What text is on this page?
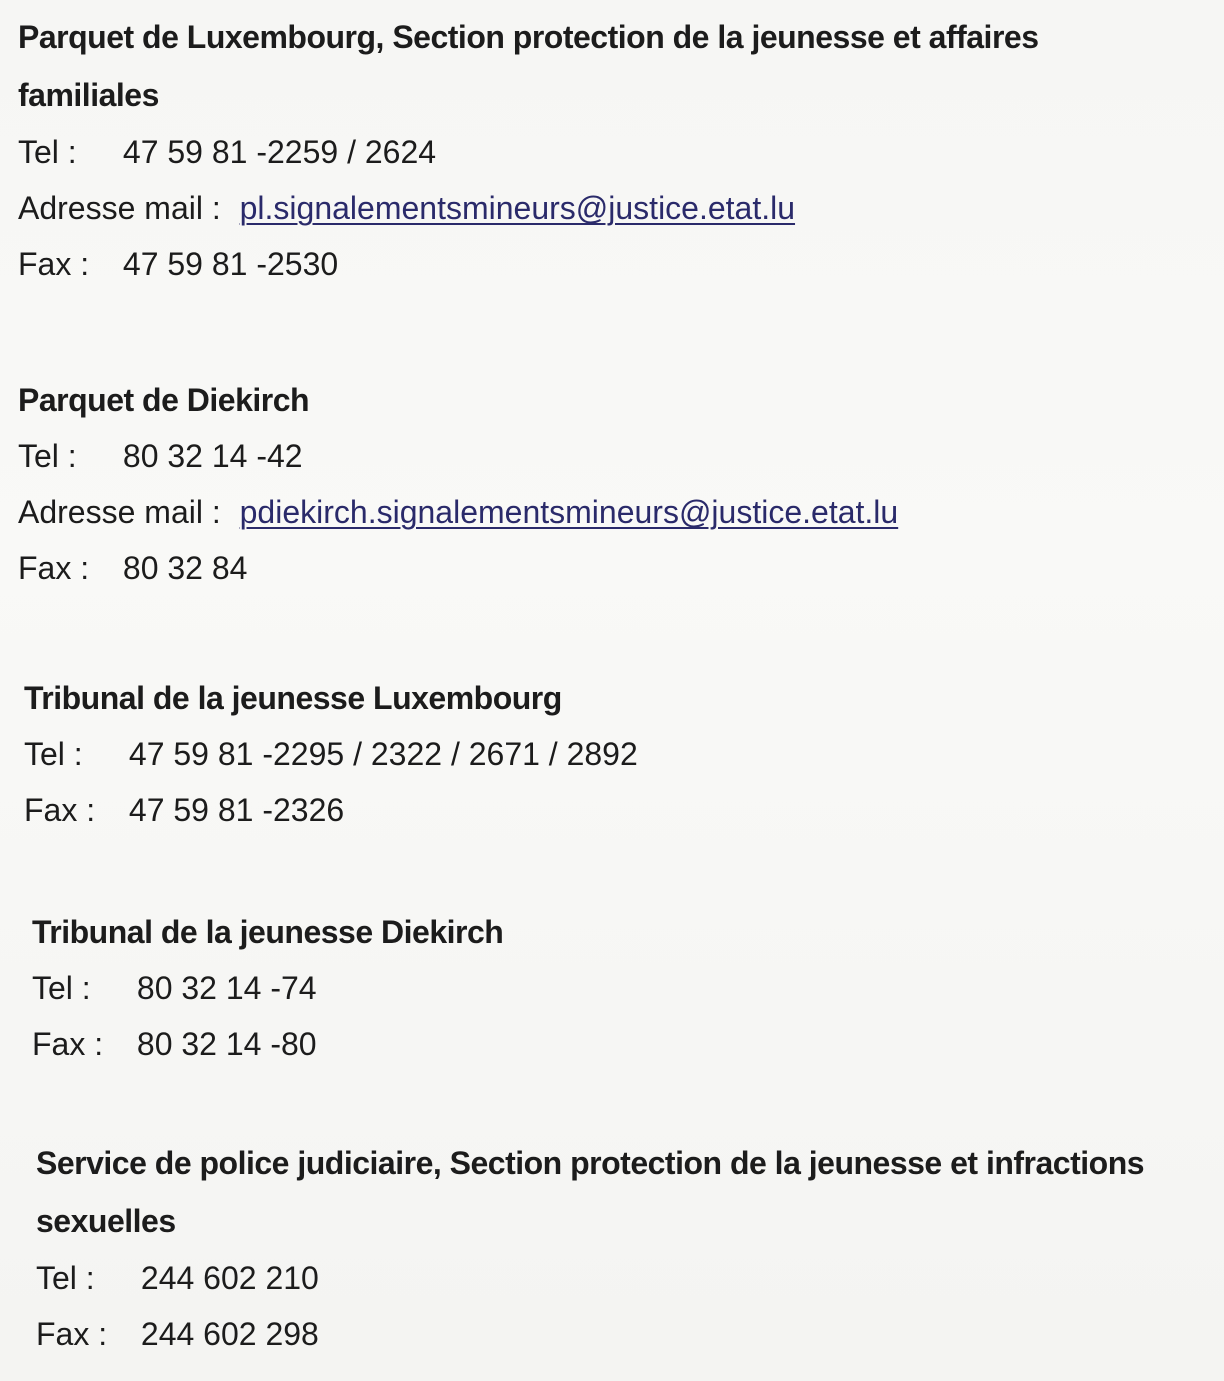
Parquet de Luxembourg, Section protection de la jeunesse et affaires familiales
Tel : 47 59 81 -2259 / 2624
Adresse mail : pl.signalementsmineurs@justice.etat.lu
Fax : 47 59 81 -2530
Parquet de Diekirch
Tel : 80 32 14 -42
Adresse mail : pdiekirch.signalementsmineurs@justice.etat.lu
Fax : 80 32 84
Tribunal de la jeunesse Luxembourg
Tel : 47 59 81 -2295 / 2322 / 2671 / 2892
Fax : 47 59 81 -2326
Tribunal de la jeunesse Diekirch
Tel : 80 32 14 -74
Fax : 80 32 14 -80
Service de police judiciaire, Section protection de la jeunesse et infractions sexuelles
Tel : 244 602 210
Fax : 244 602 298
